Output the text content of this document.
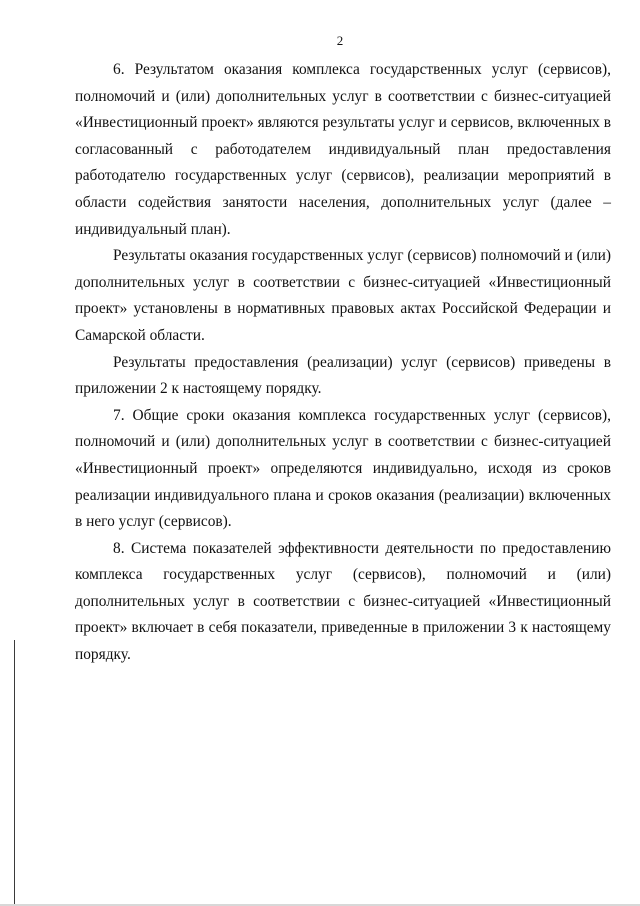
2

6. Результатом оказания комплекса государственных услуг (сервисов), полномочий и (или) дополнительных услуг в соответствии с бизнес-ситуацией «Инвестиционный проект» являются результаты услуг и сервисов, включенных в согласованный с работодателем индивидуальный план предоставления работодателю государственных услуг (сервисов), реализации мероприятий в области содействия занятости населения, дополнительных услуг (далее – индивидуальный план).

Результаты оказания государственных услуг (сервисов) полномочий и (или) дополнительных услуг в соответствии с бизнес-ситуацией «Инвестиционный проект» установлены в нормативных правовых актах Российской Федерации и Самарской области.

Результаты предоставления (реализации) услуг (сервисов) приведены в приложении 2 к настоящему порядку.

7. Общие сроки оказания комплекса государственных услуг (сервисов), полномочий и (или) дополнительных услуг в соответствии с бизнес-ситуацией «Инвестиционный проект» определяются индивидуально, исходя из сроков реализации индивидуального плана и сроков оказания (реализации) включенных в него услуг (сервисов).

8. Система показателей эффективности деятельности по предоставлению комплекса государственных услуг (сервисов), полномочий и (или) дополнительных услуг в соответствии с бизнес-ситуацией «Инвестиционный проект» включает в себя показатели, приведенные в приложении 3 к настоящему порядку.
